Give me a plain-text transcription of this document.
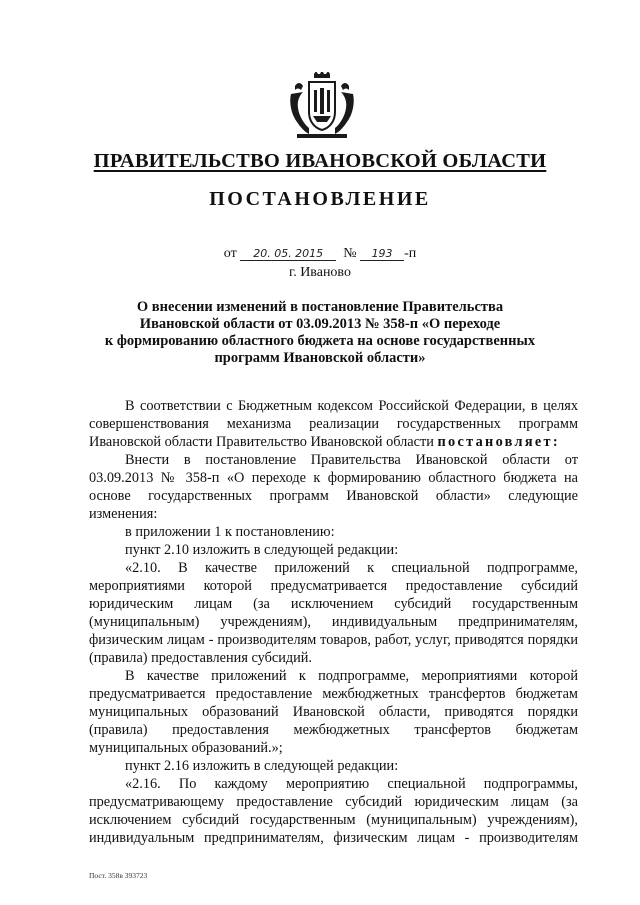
ПРАВИТЕЛЬСТВО ИВАНОВСКОЙ ОБЛАСТИ
ПОСТАНОВЛЕНИЕ
от 20. 05. 2015 № 193 -п
г. Иваново
О внесении изменений в постановление Правительства
Ивановской области от 03.09.2013 № 358-п «О переходе
к формированию областного бюджета на основе государственных
программ Ивановской области»

В соответствии с Бюджетным кодексом Российской Федерации, в целях совершенствования механизма реализации государственных программ Ивановской области Правительство Ивановской области постановляет:

Внести в постановление Правительства Ивановской области от 03.09.2013 № 358-п «О переходе к формированию областного бюджета на основе государственных программ Ивановской области» следующие изменения:

в приложении 1 к постановлению:

пункт 2.10 изложить в следующей редакции:

«2.10. В качестве приложений к специальной подпрограмме, мероприятиями которой предусматривается предоставление субсидий юридическим лицам (за исключением субсидий государственным (муниципальным) учреждениям), индивидуальным предпринимателям, физическим лицам - производителям товаров, работ, услуг, приводятся порядки (правила) предоставления субсидий.

В качестве приложений к подпрограмме, мероприятиями которой предусматривается предоставление межбюджетных трансфертов бюджетам муниципальных образований Ивановской области, приводятся порядки (правила) предоставления межбюджетных трансфертов бюджетам муниципальных образований.»;

пункт 2.16 изложить в следующей редакции:

«2.16. По каждому мероприятию специальной подпрограммы, предусматривающему предоставление субсидий юридическим лицам (за исключением субсидий государственным (муниципальным) учреждениям), индивидуальным предпринимателям, физическим лицам - производителям

Пост. 358в 393723
